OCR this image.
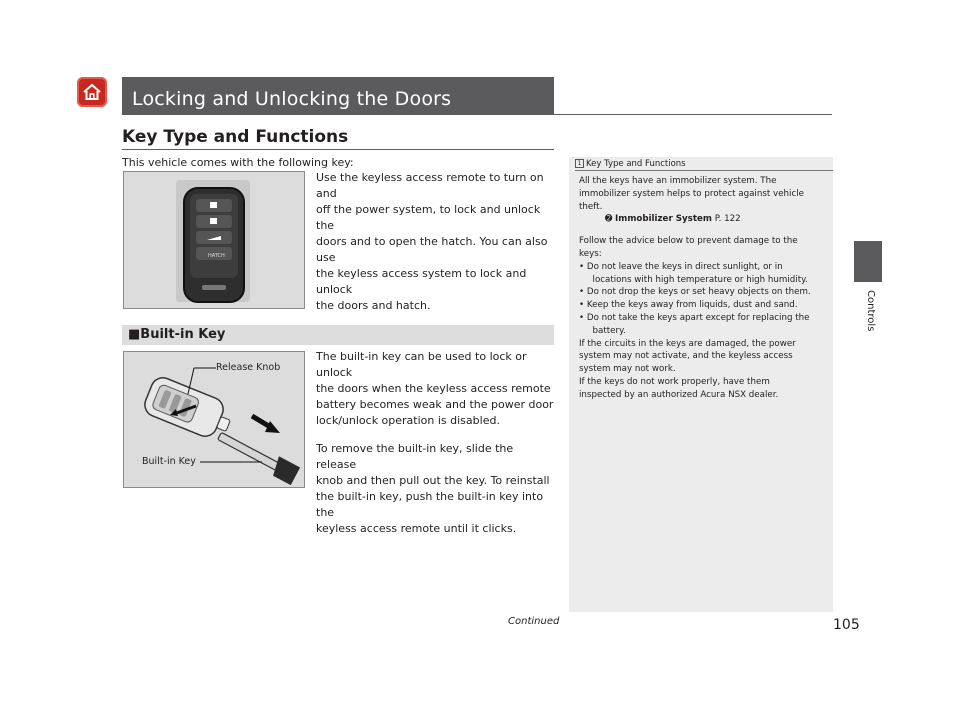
Locking and Unlocking the Doors
Key Type and Functions
This vehicle comes with the following key:
HATCH
Use the keyless access remote to turn on and
off the power system, to lock and unlock the
doors and to open the hatch. You can also use
the keyless access system to lock and unlock
the doors and hatch.
■Built-in Key
Release Knob
Built-in Key

The built-in key can be used to lock or unlock
the doors when the keyless access remote
battery becomes weak and the power door
lock/unlock operation is disabled.

To remove the built-in key, slide the release
knob and then pull out the key. To reinstall
the built-in key, push the built-in key into the
keyless access remote until it clicks.

1 Key Type and Functions

All the keys have an immobilizer system. The

immobilizer system helps to protect against vehicle

theft.

➋ Immobilizer System P. 122

Follow the advice below to prevent damage to the

keys:

• Do not leave the keys in direct sunlight, or in
locations with high temperature or high humidity.

• Do not drop the keys or set heavy objects on them.

• Keep the keys away from liquids, dust and sand.

• Do not take the keys apart except for replacing the
battery.

If the circuits in the keys are damaged, the power

system may not activate, and the keyless access

system may not work.

If the keys do not work properly, have them

inspected by an authorized Acura NSX dealer.

Controls
Continued	105
